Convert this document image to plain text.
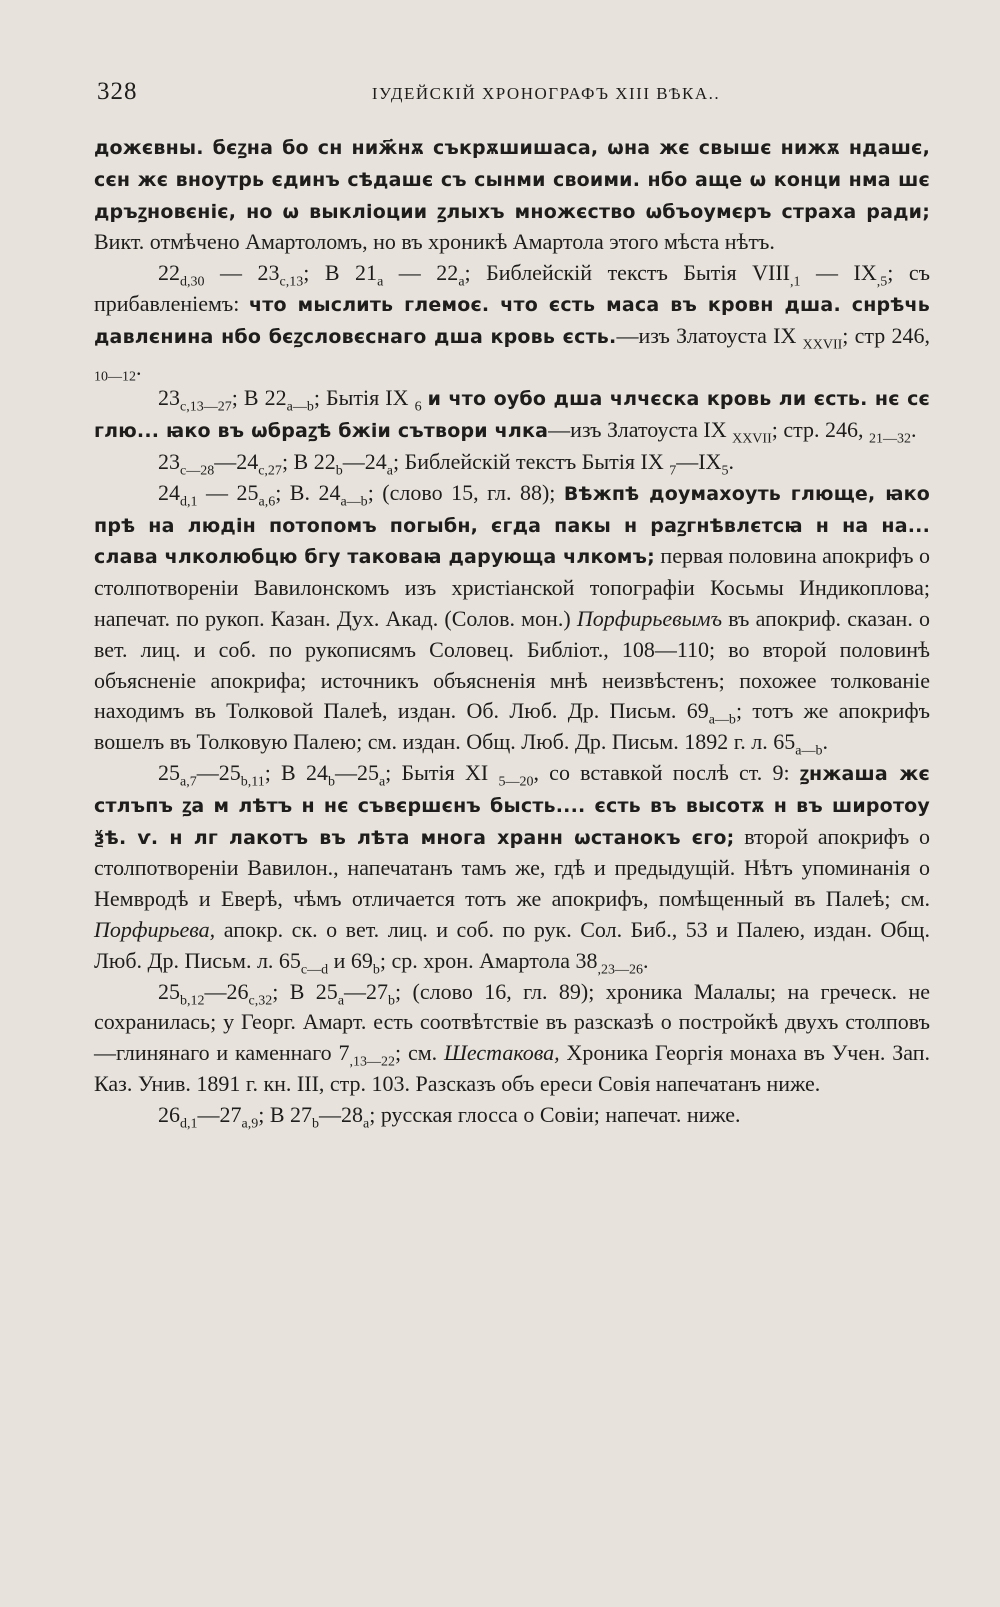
328	ІУДЕЙСКІЙ ХРОНОГРАФЪ XIII ВѢКА..

дожєвны. бєꙁна бо сн ниж҃нѫ съкрѫшишаса, ѡна жє свышє нижѫ ндашє, сєн жє вноутрь єдинъ сѣдашє съ сынми своими. нбо аще ѡ конци нма шє дръꙁновєніє, но ѡ выкліоции ꙁлыхъ множєство ѡбъоумєръ страха ради; Викт. отмѣчено Амартоломъ, но въ хроникѣ Амартола этого мѣста нѣтъ.

$22_{d,30}$ — $23_{c,13}$; В $21_a$ — $22_a$; Библейскій текстъ Бытія $VIII_{,1}$ — $IX_{,5}$; съ прибавленіемъ: что мыслить глемоє. что єсть маса въ кровн дша. снрѣчь давлєнина нбо бєꙁсловєснаго дша кровь єсть.—изъ Златоуста IX $_{XXVII}$; стр 246, $_{10—12}$.

$23_{c,13—27}$; В $22_{a—b}$; Бытія IX $_6$ и что оубо дша члчєска кровь ли єсть. нє сє глю... ꙗко въ ѡбраꙁѣ бжіи сътвори члка—изъ Златоуста IX $_{XXVII}$; стр. 246, $_{21—32}$.

$23_{c—28}—24_{c,27}$; В $22_b—24_a$; Библейскій текстъ Бытія IX $_7—IX_5$.

$24_{d,1}$ — $25_{a,6}$; В. $24_{a—b}$; (слово 15, гл. 88); Вѣжпѣ доумахоуть глюще, ꙗко прѣ на людін потопомъ погыбн, єгда пакы н раꙁгнѣвлєтсꙗ н на на... слава члколюбцю бгу таковаꙗ дарующа члкомъ; первая половина апокрифъ о столпотвореніи Вавилонскомъ изъ христіанской топографіи Косьмы Индикоплова; напечат. по рукоп. Казан. Дух. Акад. (Солов. мон.) Порфирьевымъ въ апокриф. сказан. о вет. лиц. и соб. по рукописямъ Соловец. Библіот., 108—110; во второй половинѣ объясненіе апокрифа; источникъ объясненія мнѣ неизвѣстенъ; похожее толкованіе находимъ въ Толковой Палеѣ, издан. Об. Люб. Др. Письм. $69_{a—b}$; тотъ же апокрифъ вошелъ въ Толковую Палею; см. издан. Общ. Люб. Др. Письм. 1892 г. л. $65_{a—b}$.

$25_{a,7}—25_{b,11}$; В $24_b—25_a$; Бытія XI $_{5—20}$, со вставкой послѣ ст. 9: ꙁнжаша жє стлъпъ ꙁа м лѣтъ н нє съвєршєнъ бысть.... єсть въ высотѫ н въ широтоу ѯѣ. ѵ. н лг лакотъ въ лѣта многа хранн ѡстанокъ єго; второй апокрифъ о столпотвореніи Вавилон., напечатанъ тамъ же, гдѣ и предыдущій. Нѣтъ упоминанія о Немвродѣ и Еверѣ, чѣмъ отличается тотъ же апокрифъ, помѣщенный въ Палеѣ; см. Порфирьева, апокр. ск. о вет. лиц. и соб. по рук. Сол. Биб., 53 и Палею, издан. Общ. Люб. Др. Письм. л. $65_{c—d}$ и $69_b$; ср. хрон. Амартола $38_{,23—26}$.

$25_{b,12}—26_{c,32}$; В $25_a—27_b$; (слово 16, гл. 89); хроника Малалы; на греческ. не сохранилась; у Георг. Амарт. есть соотвѣтствіе въ разсказѣ о постройкѣ двухъ столповъ—глинянаго и каменнаго $7_{,13—22}$; см. Шестакова, Хроника Георгія монаха въ Учен. Зап. Каз. Унив. 1891 г. кн. III, стр. 103. Разсказъ объ ереси Совія напечатанъ ниже.

$26_{d,1}—27_{a,9}$; В $27_b—28_a$; русская глосса о Совіи; напечат. ниже.
